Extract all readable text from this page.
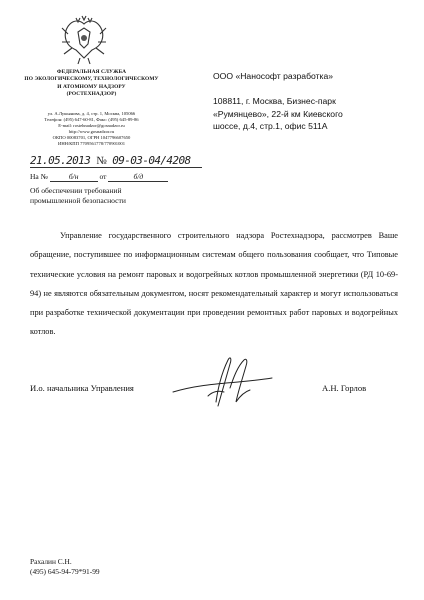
ФЕДЕРАЛЬНАЯ СЛУЖБА
ПО ЭКОЛОГИЧЕСКОМУ, ТЕХНОЛОГИЧЕСКОМУ
И АТОМНОМУ НАДЗОРУ
(РОСТЕХНАДЗОР)
ул. А.Лукьянова, д. 4, стр. 1, Москва, 105066
Телефон: (495) 647-60-81, Факс: (495) 645-89-86
E-mail: rostehnadzor@gosnadzor.ru
http://www.gosnadzor.ru
ОКПО 00083701, ОГРН 1047796607650
ИНН/КПП 7709561778/770901001
21.05.2013 № 09-03-04/4208
На №	б/н	от	б/д
Об обеспечении требований
промышленной безопасности
ООО «Нанософт разработка»
108811, г. Москва, Бизнес-парк
«Румянцево», 22-й км Киевского
шоссе, д.4, стр.1, офис 511А
Управление государственного строительного надзора Ростехнадзора, рассмотрев Ваше обращение, поступившее по информационным системам общего пользования сообщает, что Типовые технические условия на ремонт паровых и водогрейных котлов промышленной энергетики (РД 10-69-94) не являются обязательным документом, носят рекомендательный характер и могут использоваться при разработке технической документации при проведении ремонтных работ паровых и водогрейных котлов.
И.о. начальника Управления	А.Н. Горлов
Рахалин С.Н.
(495) 645-94-79*91-99
